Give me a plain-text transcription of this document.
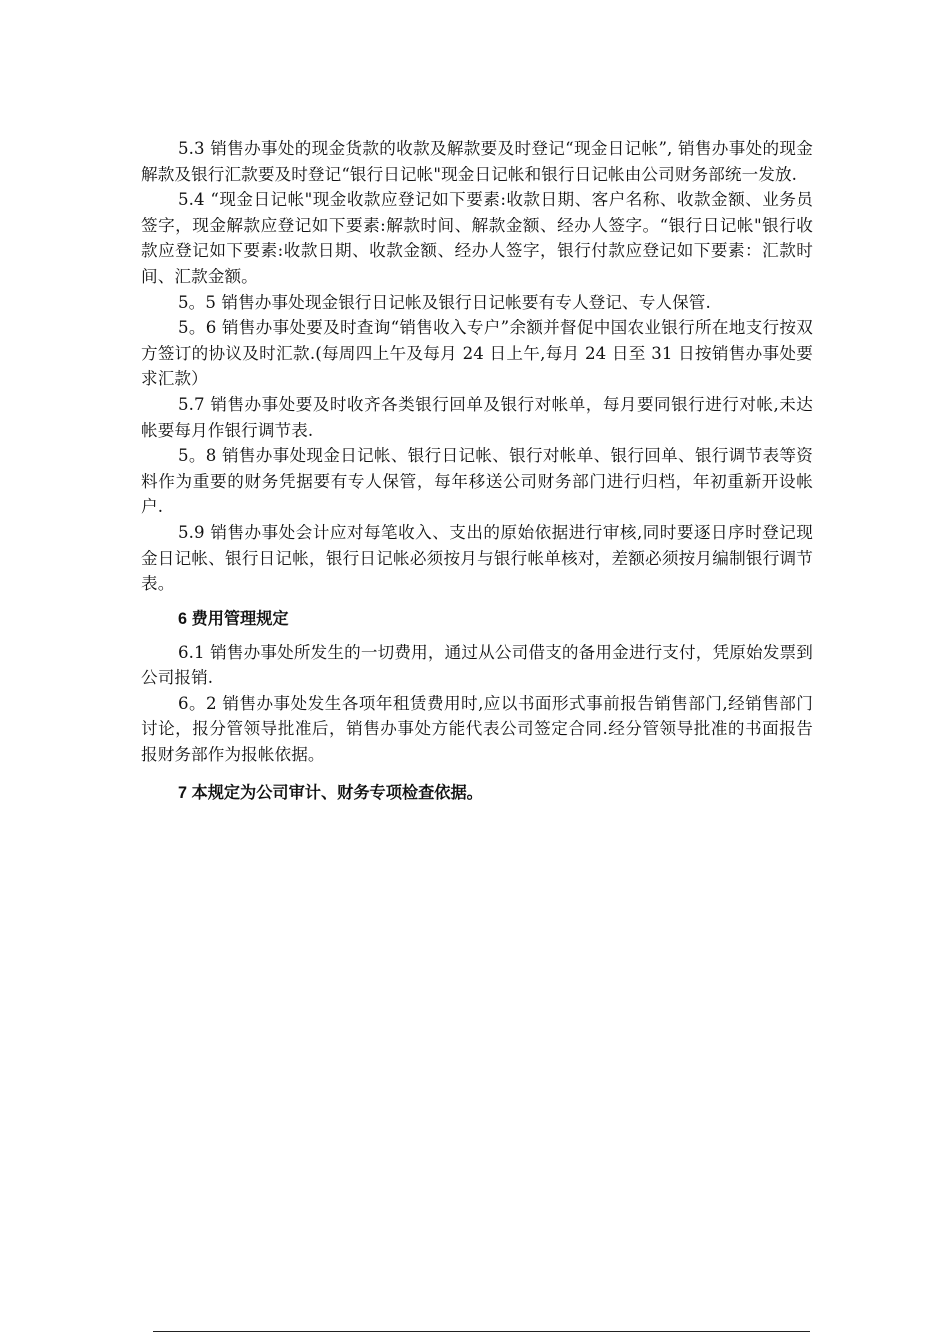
5.3 销售办事处的现金货款的收款及解款要及时登记“现金日记帐”, 销售办事处的现金解款及银行汇款要及时登记“银行日记帐"现金日记帐和银行日记帐由公司财务部统一发放.

5.4 “现金日记帐"现金收款应登记如下要素:收款日期、客户名称、收款金额、业务员签字，现金解款应登记如下要素:解款时间、解款金额、经办人签字。“银行日记帐"银行收款应登记如下要素:收款日期、收款金额、经办人签字，银行付款应登记如下要素：汇款时间、汇款金额。

5。5 销售办事处现金银行日记帐及银行日记帐要有专人登记、专人保管.

5。6 销售办事处要及时查询“销售收入专户”余额并督促中国农业银行所在地支行按双方签订的协议及时汇款.(每周四上午及每月 24 日上午,每月 24 日至 31 日按销售办事处要求汇款）

5.7 销售办事处要及时收齐各类银行回单及银行对帐单，每月要同银行进行对帐,未达帐要每月作银行调节表.

5。8 销售办事处现金日记帐、银行日记帐、银行对帐单、银行回单、银行调节表等资料作为重要的财务凭据要有专人保管，每年移送公司财务部门进行归档，年初重新开设帐户.

5.9 销售办事处会计应对每笔收入、支出的原始依据进行审核,同时要逐日序时登记现金日记帐、银行日记帐，银行日记帐必须按月与银行帐单核对，差额必须按月编制银行调节表。

6 费用管理规定

6.1 销售办事处所发生的一切费用，通过从公司借支的备用金进行支付，凭原始发票到公司报销.

6。2 销售办事处发生各项年租赁费用时,应以书面形式事前报告销售部门,经销售部门讨论，报分管领导批准后，销售办事处方能代表公司签定合同.经分管领导批准的书面报告报财务部作为报帐依据。

7 本规定为公司审计、财务专项检查依据。
